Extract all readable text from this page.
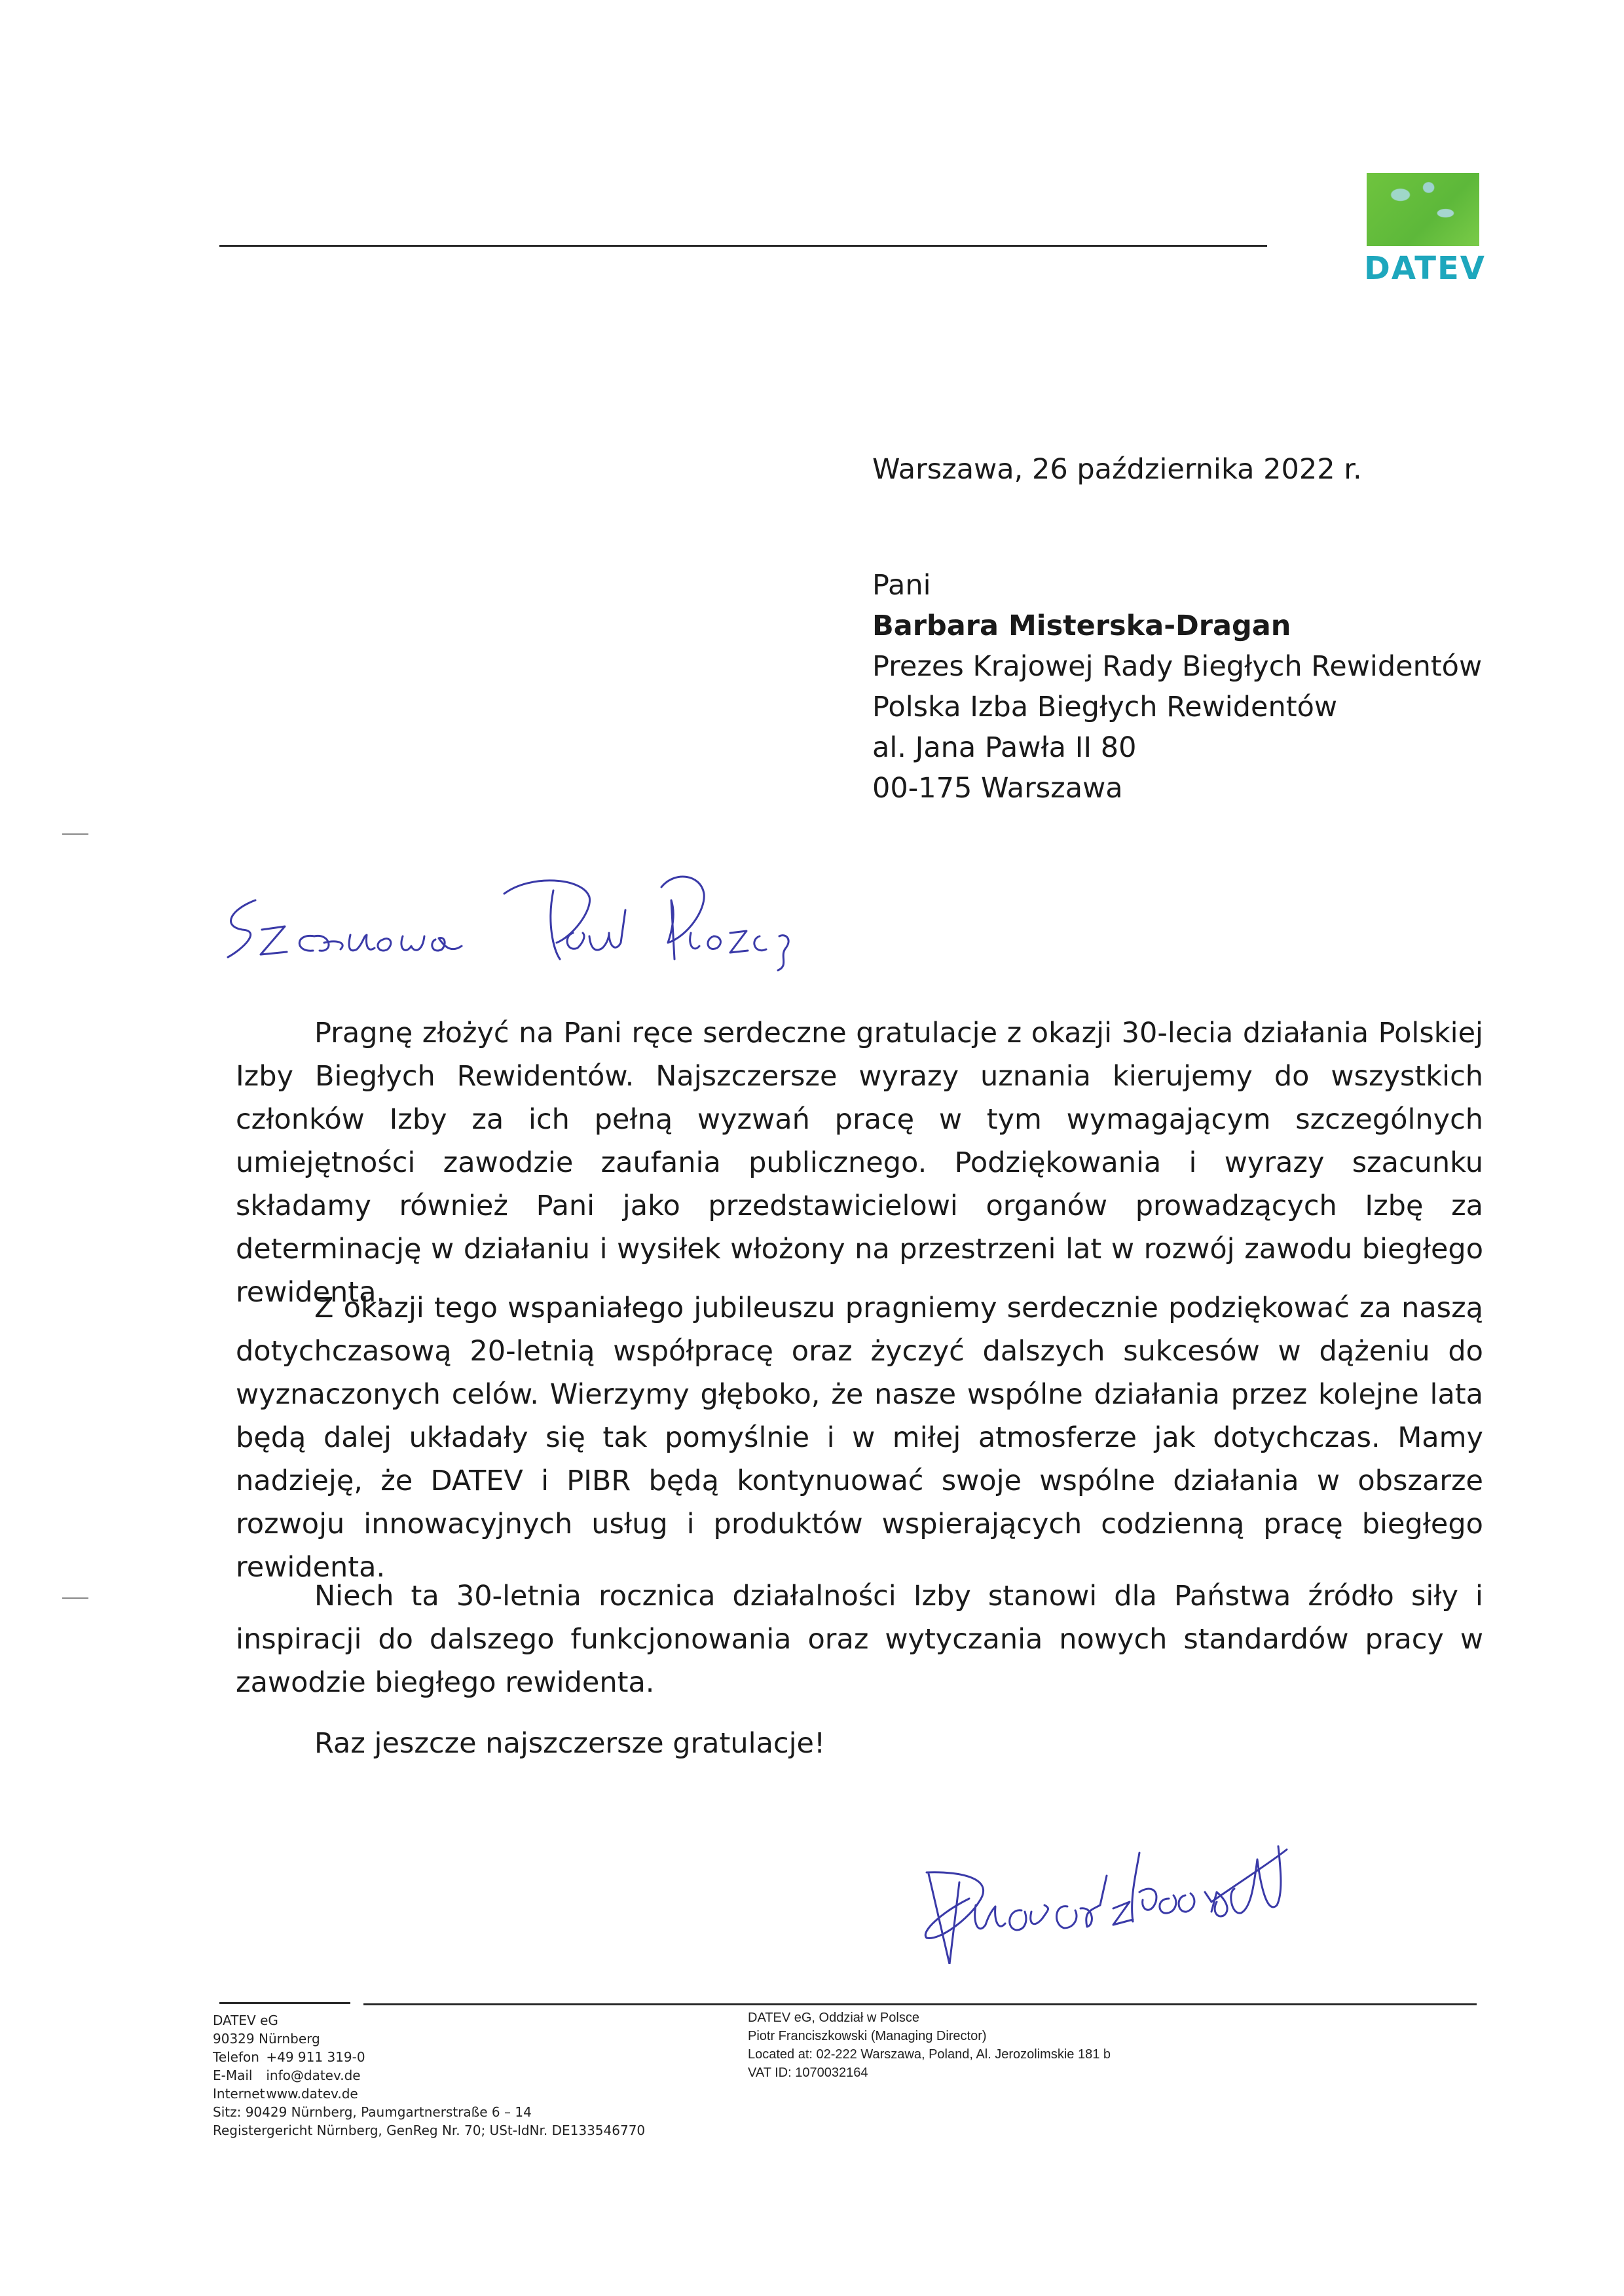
DATEV
Warszawa, 26 października 2022 r.
Pani
Barbara Misterska-Dragan
Prezes Krajowej Rady Biegłych Rewidentów
Polska Izba Biegłych Rewidentów
al. Jana Pawła II 80
00-175 Warszawa

Pragnę złożyć na Pani ręce serdeczne gratulacje z okazji 30-lecia działania Polskiej Izby Biegłych Rewidentów. Najszczersze wyrazy uznania kierujemy do wszystkich członków Izby za ich pełną wyzwań pracę w tym wymagającym szczególnych umiejętności zawodzie zaufania publicznego. Podziękowania i wyrazy szacunku składamy również Pani jako przedstawicielowi organów prowadzących Izbę za determinację w działaniu i wysiłek włożony na przestrzeni lat w rozwój zawodu biegłego rewidenta.

Z okazji tego wspaniałego jubileuszu pragniemy serdecznie podziękować za naszą dotychczasową 20-letnią współpracę oraz życzyć dalszych sukcesów w dążeniu do wyznaczonych celów. Wierzymy głęboko, że nasze wspólne działania przez kolejne lata będą dalej układały się tak pomyślnie i w miłej atmosferze jak dotychczas. Mamy nadzieję, że DATEV i PIBR będą kontynuować swoje wspólne działania w obszarze rozwoju innowacyjnych usług i produktów wspierających codzienną pracę biegłego rewidenta.

Niech ta 30-letnia rocznica działalności Izby stanowi dla Państwa źródło siły i inspiracji do dalszego funkcjonowania oraz wytyczania nowych standardów pracy w zawodzie biegłego rewidenta.

Raz jeszcze najszczersze gratulacje!

DATEV eG
90329 Nürnberg
Telefon +49 911 319-0
E-Mail info@datev.de
Internet www.datev.de
Sitz: 90429 Nürnberg, Paumgartnerstraße 6 – 14
Registergericht Nürnberg, GenReg Nr. 70; USt-IdNr. DE133546770
DATEV eG, Oddział w Polsce
Piotr Franciszkowski (Managing Director)
Located at: 02-222 Warszawa, Poland, Al. Jerozolimskie 181 b
VAT ID: 1070032164
